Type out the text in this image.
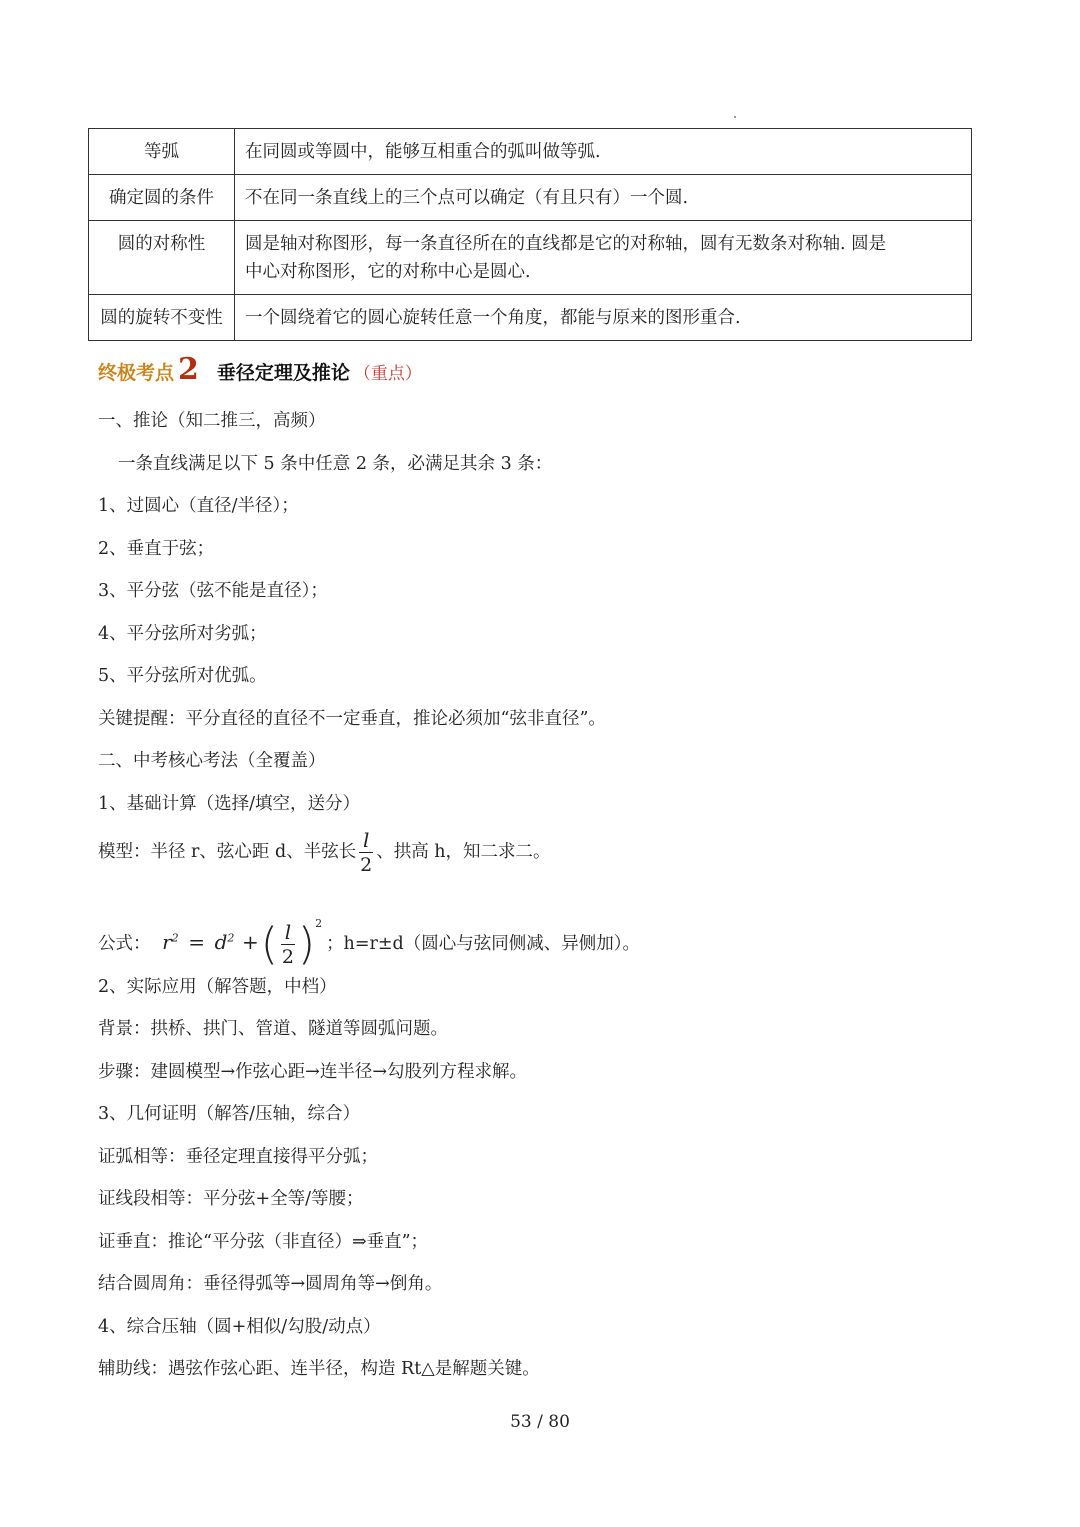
等弧	在同圆或等圆中，能够互相重合的弧叫做等弧.
确定圆的条件	不在同一条直线上的三个点可以确定（有且只有）一个圆.
圆的对称性	圆是轴对称图形，每一条直径所在的直线都是它的对称轴，圆有无数条对称轴. 圆是
中心对称图形，它的对称中心是圆心.

圆的旋转不变性	一个圆绕着它的圆心旋转任意一个角度，都能与原来的图形重合.
终极考点 2 垂径定理及推论 （重点）
一、推论（知二推三，高频）
一条直线满足以下 5 条中任意 2 条，必满足其余 3 条：
1、过圆心（直径/半径）；
2、垂直于弦；
3、平分弦（弦不能是直径）；
4、平分弦所对劣弧；
5、平分弦所对优弧。
关键提醒：平分直径的直径不一定垂直，推论必须加“弦非直径”。
二、中考核心考法（全覆盖）
1、基础计算（选择/填空，送分）
模型：半径 r、弦心距 d、半弦长 $\frac{l}{2}$ 、拱高 h，知二求二。
公式： $r^2 = d^2$ +( $\frac{l}{2} )^2$；h=r±d（圆心与弦同侧减、异侧加）。
2、实际应用（解答题，中档）
背景：拱桥、拱门、管道、隧道等圆弧问题。
步骤：建圆模型→作弦心距→连半径→勾股列方程求解。
3、几何证明（解答/压轴，综合）
证弧相等：垂径定理直接得平分弧；
证线段相等：平分弦+全等/等腰；
证垂直：推论“平分弦（非直径）⇒垂直”；
结合圆周角：垂径得弧等→圆周角等→倒角。
4、综合压轴（圆+相似/勾股/动点）
辅助线：遇弦作弦心距、连半径，构造 Rt△是解题关键。
53 / 80
